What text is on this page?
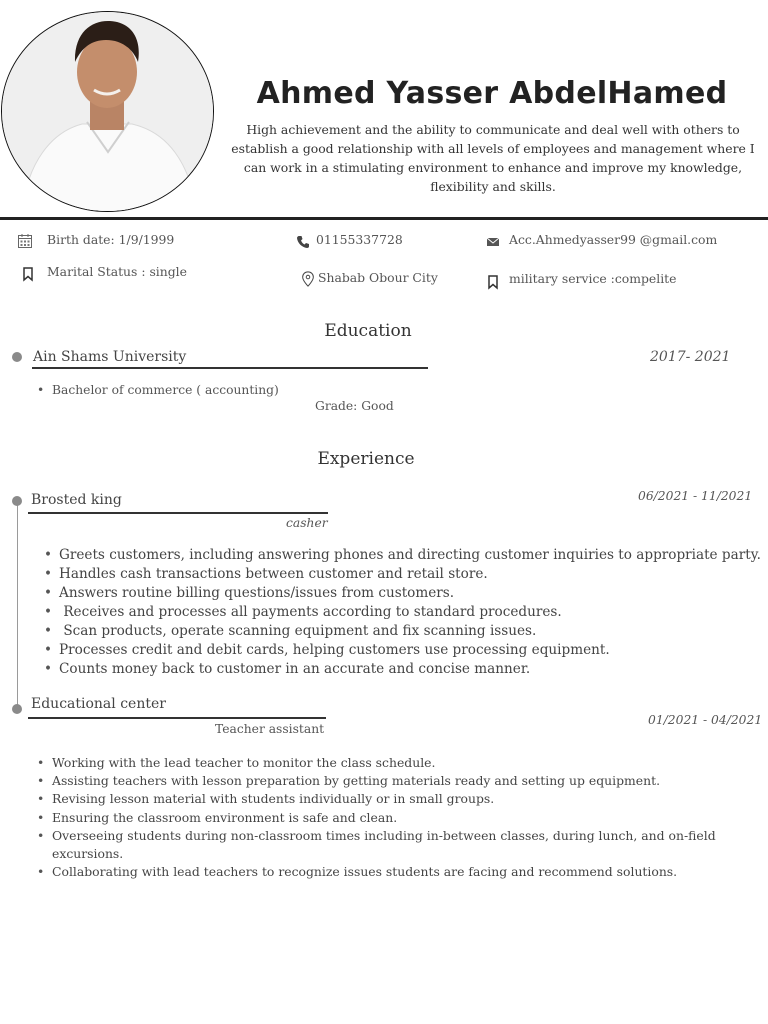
Ahmed Yasser AbdelHamed
High achievement and the ability to communicate and deal well with others to establish a good relationship with all levels of employees and management where I can work in a stimulating environment to enhance and improve my knowledge, flexibility and skills.
Birth date: 1/9/1999	01155337728	Acc.Ahmedyasser99 @gmail.com
Marital Status : single	Shabab Obour City	military service :compelite
Education
Ain Shams University	2017- 2021
• Bachelor of commerce ( accounting)
Grade: Good
Experience
Brosted king	06/2021 - 11/2021
casher
• Greets customers, including answering phones and directing customer inquiries to appropriate party.
• Handles cash transactions between customer and retail store.
• Answers routine billing questions/issues from customers.
•  Receives and processes all payments according to standard procedures.
•  Scan products, operate scanning equipment and fix scanning issues.
• Processes credit and debit cards, helping customers use processing equipment.
• Counts money back to customer in an accurate and concise manner.
Educational center
Teacher assistant
01/2021 - 04/2021
• Working with the lead teacher to monitor the class schedule.
• Assisting teachers with lesson preparation by getting materials ready and setting up equipment.
• Revising lesson material with students individually or in small groups.
• Ensuring the classroom environment is safe and clean.
• Overseeing students during non-classroom times including in-between classes, during lunch, and on-field excursions.
• Collaborating with lead teachers to recognize issues students are facing and recommend solutions.
